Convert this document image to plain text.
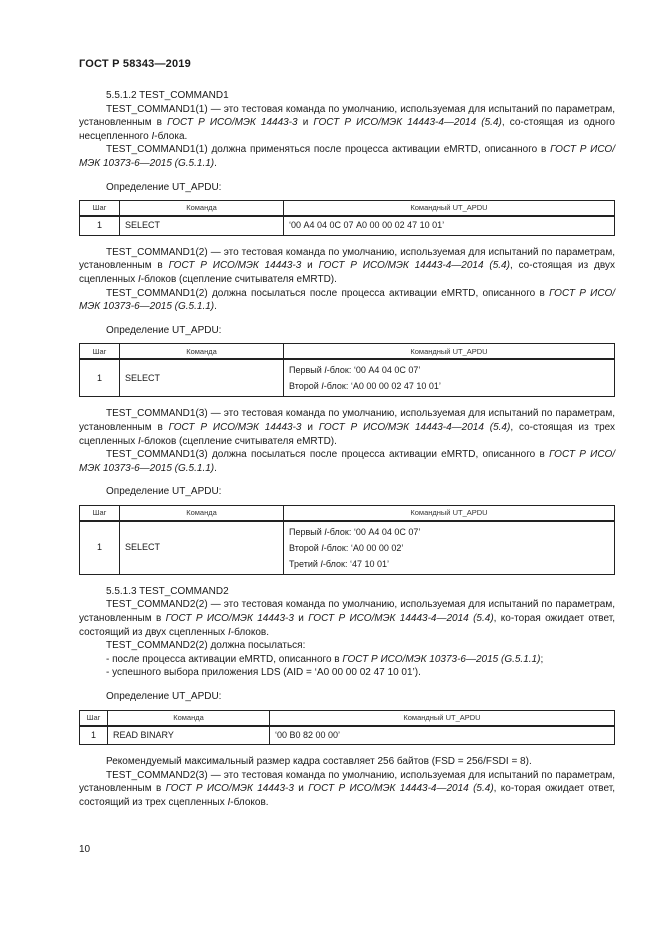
ГОСТ Р 58343—2019

5.5.1.2 TEST_COMMAND1

TEST_COMMAND1(1) — это тестовая команда по умолчанию, используемая для испытаний по параметрам, установленным в ГОСТ Р ИСО/МЭК 14443-3 и ГОСТ Р ИСО/МЭК 14443-4—2014 (5.4), со-стоящая из одного несцепленного I-блока.

TEST_COMMAND1(1) должна применяться после процесса активации eMRTD, описанного в ГОСТ Р ИСО/МЭК 10373-6—2015 (G.5.1.1).

Определение UT_APDU:

Шаг	Команда	Командный UT_APDU
1	SELECT	‘00 А4 04 0С 07 А0 00 00 02 47 10 01’

TEST_COMMAND1(2) — это тестовая команда по умолчанию, используемая для испытаний по параметрам, установленным в ГОСТ Р ИСО/МЭК 14443-3 и ГОСТ Р ИСО/МЭК 14443-4—2014 (5.4), со-стоящая из двух сцепленных I-блоков (сцепление считывателя eMRTD).

TEST_COMMAND1(2) должна посылаться после процесса активации eMRTD, описанного в ГОСТ Р ИСО/МЭК 10373-6—2015 (G.5.1.1).

Определение UT_APDU:

Шаг	Команда	Командный UT_APDU
1	SELECT	Первый I-блок: ‘00 А4 04 0С 07’
Второй I-блок: ‘А0 00 00 02 47 10 01’

TEST_COMMAND1(3) — это тестовая команда по умолчанию, используемая для испытаний по параметрам, установленным в ГОСТ Р ИСО/МЭК 14443-3 и ГОСТ Р ИСО/МЭК 14443-4—2014 (5.4), со-стоящая из трех сцепленных I-блоков (сцепление считывателя eMRTD).

TEST_COMMAND1(3) должна посылаться после процесса активации eMRTD, описанного в ГОСТ Р ИСО/МЭК 10373-6—2015 (G.5.1.1).

Определение UT_APDU:

Шаг	Команда	Командный UT_APDU
1	SELECT	Первый I-блок: ‘00 А4 04 0С 07’
Второй I-блок: ‘А0 00 00 02’
Третий I-блок: ‘47 10 01’

5.5.1.3 TEST_COMMAND2

TEST_COMMAND2(2) — это тестовая команда по умолчанию, используемая для испытаний по параметрам, установленным в ГОСТ Р ИСО/МЭК 14443-3 и ГОСТ Р ИСО/МЭК 14443-4—2014 (5.4), ко-торая ожидает ответ, состоящий из двух сцепленных I-блоков.

TEST_COMMAND2(2) должна посылаться:

- после процесса активации eMRTD, описанного в ГОСТ Р ИСО/МЭК 10373-6—2015 (G.5.1.1);

- успешного выбора приложения LDS (AID = ‘А0 00 00 02 47 10 01’).

Определение UT_APDU:

Шаг	Команда	Командный UT_APDU
1	READ BINARY	‘00 В0 82 00 00’

Рекомендуемый максимальный размер кадра составляет 256 байтов (FSD = 256/FSDI = 8).

TEST_COMMAND2(3) — это тестовая команда по умолчанию, используемая для испытаний по параметрам, установленным в ГОСТ Р ИСО/МЭК 14443-3 и ГОСТ Р ИСО/МЭК 14443-4—2014 (5.4), ко-торая ожидает ответ, состоящий из трех сцепленных I-блоков.

10
